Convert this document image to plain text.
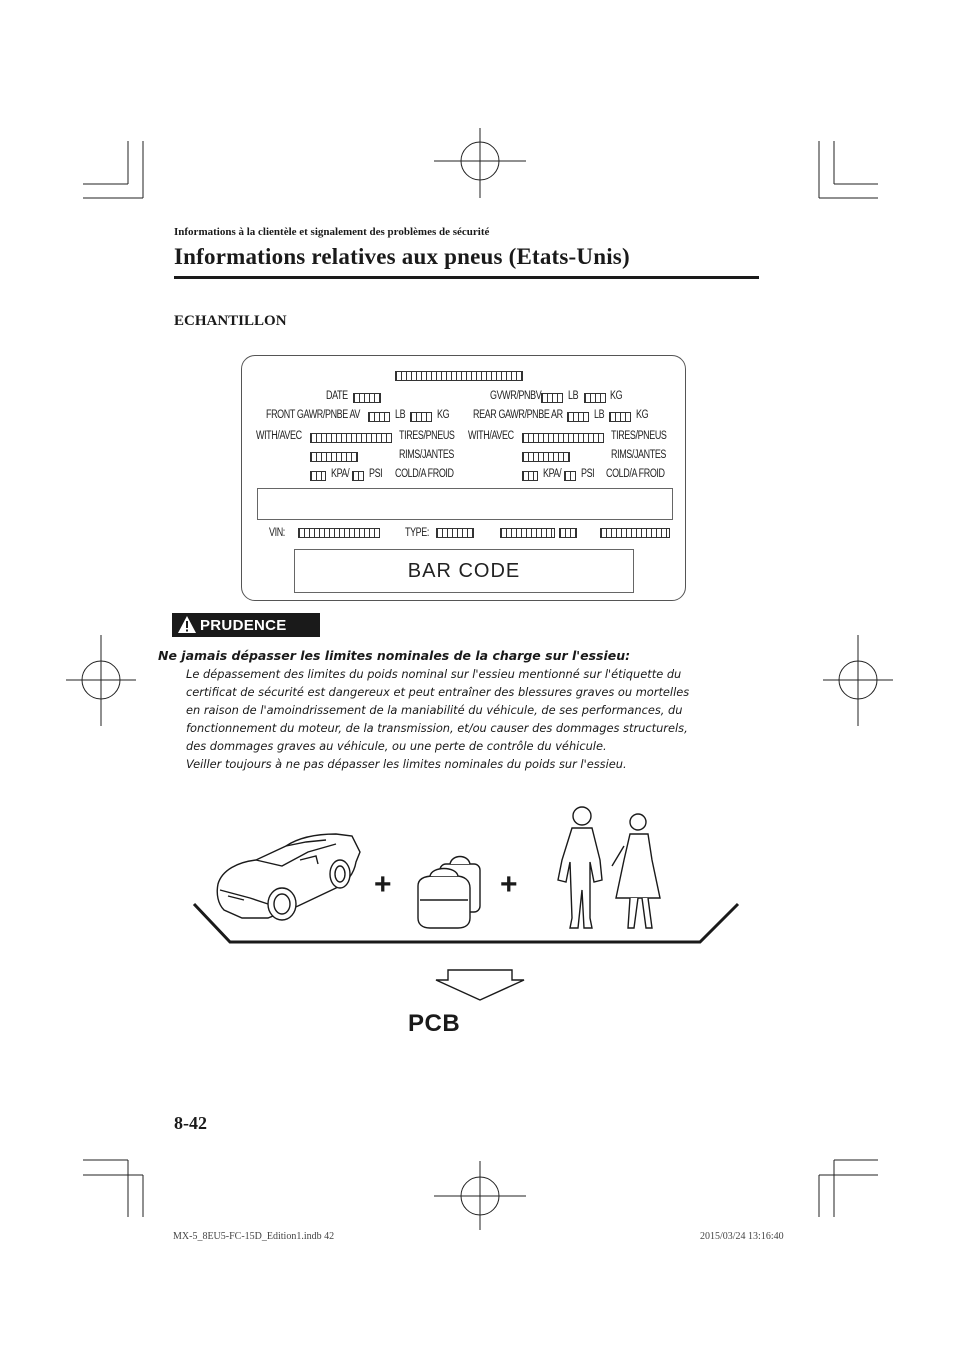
Informations à la clientèle et signalement des problèmes de sécurité
Informations relatives aux pneus (Etats-Unis)
ECHANTILLON
DATE	GVWR/PNBV LB	KG
FRONT GAWR/PNBE AV	LB	KG REAR GAWR/PNBE AR	LB	KG
WITH/AVEC	TIRES/PNEUS WITH/AVEC	TIRES/PNEUS
RIMS/JANTES	RIMS/JANTES
KPA/ PSI COLD/A FROID	KPA/ PSI COLD/A FROID
VIN:	TYPE:
BAR CODE
PRUDENCE
Ne jamais dépasser les limites nominales de la charge sur l'essieu:
Le dépassement des limites du poids nominal sur l'essieu mentionné sur l'étiquette du
certificat de sécurité est dangereux et peut entraîner des blessures graves ou mortelles
en raison de l'amoindrissement de la maniabilité du véhicule, de ses performances, du
fonctionnement du moteur, de la transmission, et/ou causer des dommages structurels,
des dommages graves au véhicule, ou une perte de contrôle du véhicule.
Veiller toujours à ne pas dépasser les limites nominales du poids sur l'essieu.
+	+
PCB
8-42
MX-5_8EU5-FC-15D_Edition1.indb 42	2015/03/24 13:16:40
